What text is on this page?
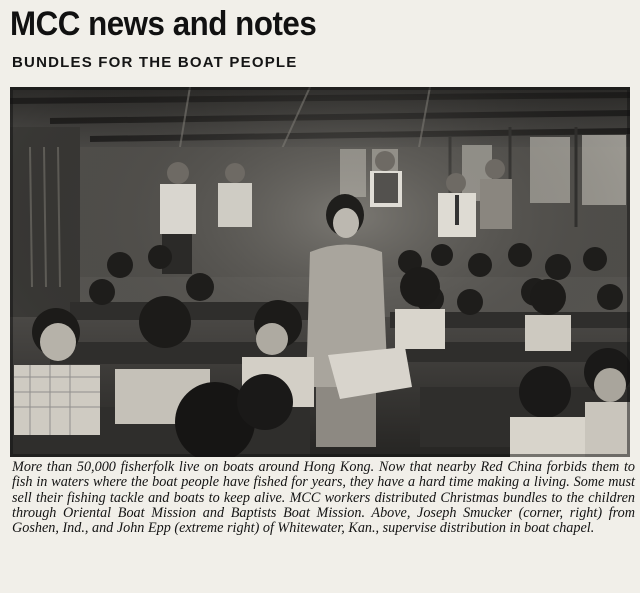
MCC news and notes
BUNDLES FOR THE BOAT PEOPLE

More than 50,000 fisherfolk live on boats around Hong Kong. Now that nearby Red China forbids them to fish in waters where the boat people have fished for years, they have a hard time making a living. Some must sell their fishing tackle and boats to keep alive. MCC workers distributed Christmas bundles to the children through Oriental Boat Mission and Baptists Boat Mission. Above, Joseph Smucker (corner, right) from Goshen, Ind., and John Epp (extreme right) of Whitewater, Kan., supervise distribution in boat chapel.
